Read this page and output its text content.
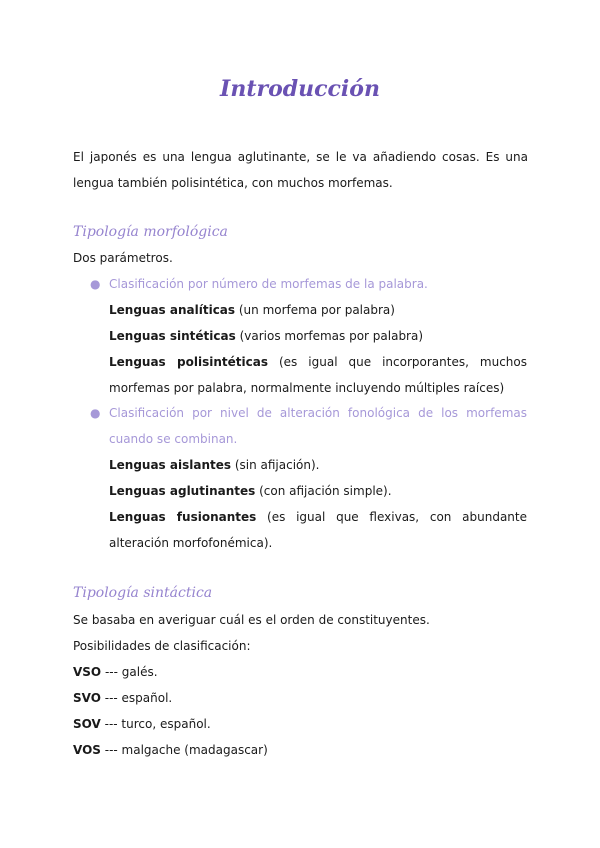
Introducción
El japonés es una lengua aglutinante, se le va añadiendo cosas. Es una lengua también polisintética, con muchos morfemas.
Tipología morfológica
Dos parámetros.
● Clasificación por número de morfemas de la palabra.
Lenguas analíticas (un morfema por palabra)
Lenguas sintéticas (varios morfemas por palabra)
Lenguas polisintéticas (es igual que incorporantes, muchos morfemas por palabra, normalmente incluyendo múltiples raíces)
● Clasificación por nivel de alteración fonológica de los morfemas cuando se combinan.
Lenguas aislantes (sin afijación).
Lenguas aglutinantes (con afijación simple).
Lenguas fusionantes (es igual que flexivas, con abundante alteración morfofonémica).
Tipología sintáctica
Se basaba en averiguar cuál es el orden de constituyentes.
Posibilidades de clasificación:
VSO --- galés.
SVO --- español.
SOV --- turco, español.
VOS --- malgache (madagascar)
